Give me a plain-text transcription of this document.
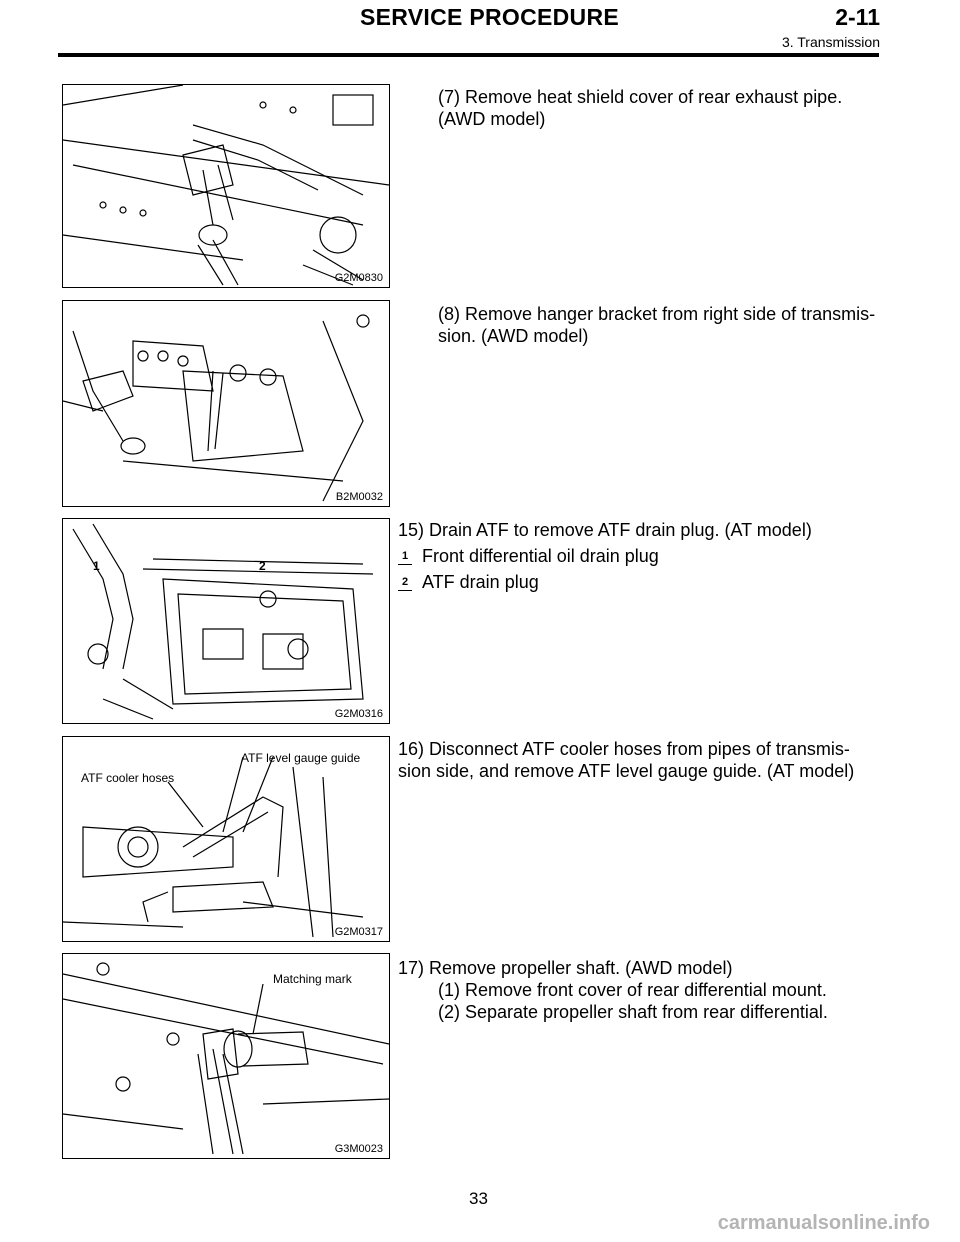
SERVICE PROCEDURE	2-11
3. Transmission
G2M0830

(7) Remove heat shield cover of rear exhaust pipe.

(AWD model)

B2M0032

(8) Remove hanger bracket from right side of transmis-

sion. (AWD model)

1	2
G2M0316

15) Drain ATF to remove ATF drain plug. (AT model)

1 Front differential oil drain plug
2 ATF drain plug
ATF cooler hoses
ATF level gauge guide
G2M0317

16) Disconnect ATF cooler hoses from pipes of transmis-

sion side, and remove ATF level gauge guide. (AT model)

Matching mark
G3M0023

17) Remove propeller shaft. (AWD model)

(1) Remove front cover of rear differential mount.

(2) Separate propeller shaft from rear differential.

33
carmanualsonline.info
